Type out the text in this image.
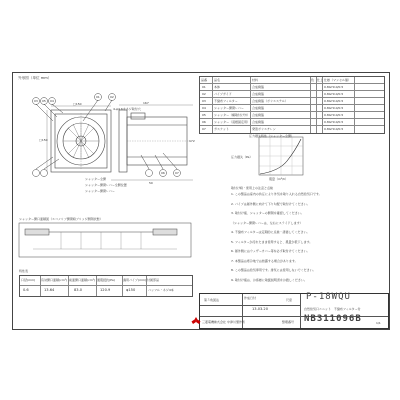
外形図（単位 mm）
4-φ4.6木ネジ取付穴
□150	167
50
□150	172
03 05 04
01	02
06	07
シャッター全開
シャッター開閉レバー全開位置
シャッター開閉レバー
シャッター開口面積図（エコノリブ開閉時ブリッジ開閉状態）
特性表
口径(mm) 有効開口面積(cm²) 前面開口面積(cm²) 通風抵抗(Pa)	適用パイプ(mm) 付属部品
0.6	13.64	83.0	120.9	φ150	バッフル・ネジ4本
品番 品名	材料	色 仕上 仕様（マンセル値）
01	本体	合成樹脂	0.8GY9.0/0.5
02	パイプガイド	合成樹脂	0.8GY9.0/0.5
03	不織布フィルター	合成樹脂（ポリエステル）	0.8GY9.0/0.5
04	シャッター開閉レバー	合成樹脂	0.8GY9.0/0.5
05	シャッター（横取付け外） 合成樹脂	0.8GY9.0/0.5
06	シャッター（羽根固定用） 合成樹脂	0.8GY9.0/0.5
07	ガスケット	発泡ポリエチレン	0.8GY9.0/0.5
圧力損失特性（シャッター全開）
風量（m³/h）
圧力損失（Pa）
取付け時・使用上の注意と点検
1. この製品は室内の負圧により外気を取り入れる自然給気口です。
2. パイプは屋外側に向けて下り勾配で取付けてください。
3. 取付け後、シャッターの開閉を確認してください。
（シャッター開閉レバーは、左右にスライドします）
4. 不織布フィルターは定期的に点検・清掃してください。
5. フィルターが汚れたまま使用すると、風量が低下します。
6. 屋外側にはウェザーカバー等を必ず取付けてください。
7. 本製品は寒冷地では結露する場合があります。
8. この製品は給気専用です。排気には使用しないでください。
9. 取付け後は、お客様に取扱説明書をお渡しください。
第３角図法	作成日付
13.03.20
尺度 P-18WQU
自然給気口ユニット　不織布フィルター付
三菱電機株式会社 中津川製作所	整理番号 NB311096B	1/1
